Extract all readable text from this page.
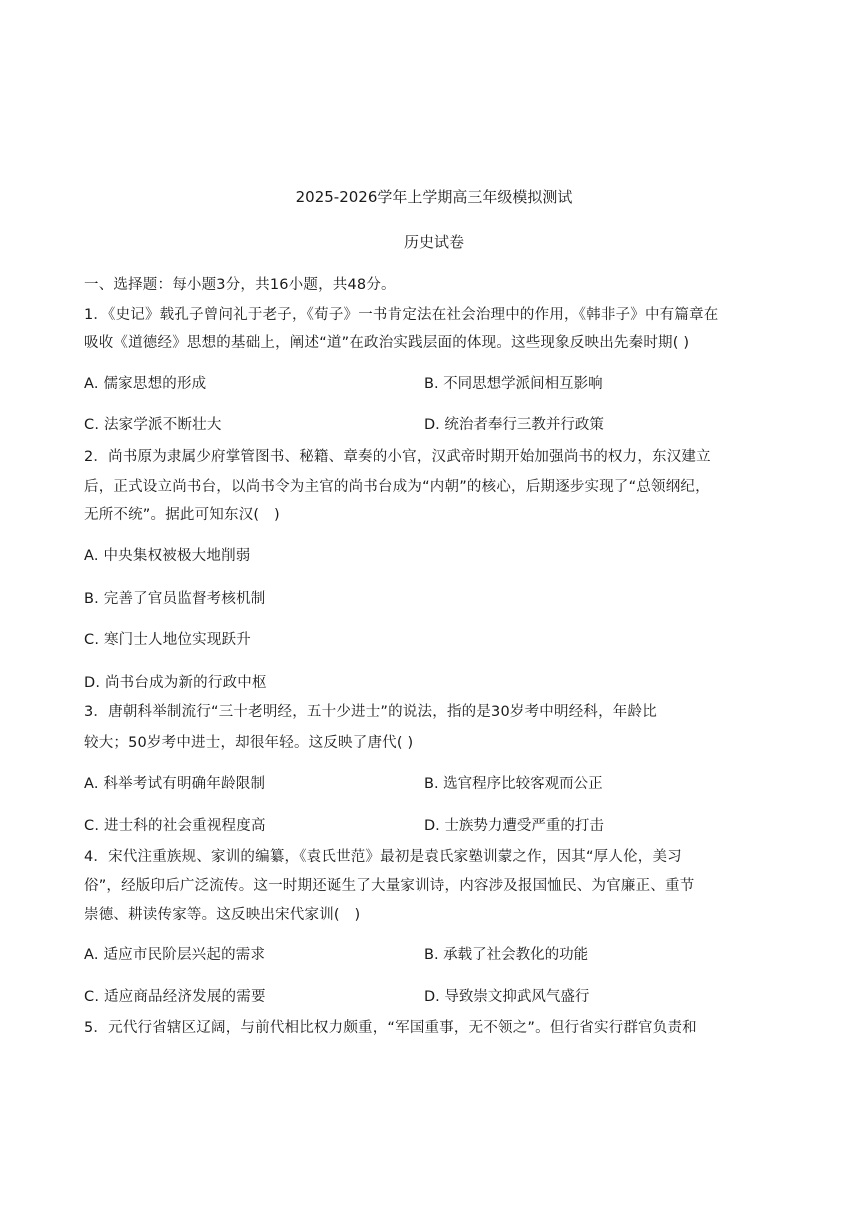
2025-2026学年上学期高三年级模拟测试
历史试卷
一、选择题：每小题3分，共16小题，共48分。
1．《史记》载孔子曾问礼于老子，《荀子》一书肯定法在社会治理中的作用，《韩非子》中有篇章在
吸收《道德经》思想的基础上，阐述“道”在政治实践层面的体现。这些现象反映出先秦时期( )
A. 儒家思想的形成	B. 不同思想学派间相互影响
C. 法家学派不断壮大	D. 统治者奉行三教并行政策
2．尚书原为隶属少府掌管图书、秘籍、章奏的小官，汉武帝时期开始加强尚书的权力，东汉建立
后，正式设立尚书台，以尚书令为主官的尚书台成为“内朝”的核心，后期逐步实现了“总领纲纪，
无所不统”。据此可知东汉(　)
A. 中央集权被极大地削弱
B. 完善了官员监督考核机制
C. 寒门士人地位实现跃升
D. 尚书台成为新的行政中枢
3．唐朝科举制流行“三十老明经，五十少进士”的说法，指的是30岁考中明经科，年龄比
较大；50岁考中进士，却很年轻。这反映了唐代( )
A. 科举考试有明确年龄限制	B. 选官程序比较客观而公正
C. 进士科的社会重视程度高	D. 士族势力遭受严重的打击
4．宋代注重族规、家训的编纂，《袁氏世范》最初是袁氏家塾训蒙之作，因其“厚人伦，美习
俗”，经版印后广泛流传。这一时期还诞生了大量家训诗，内容涉及报国恤民、为官廉正、重节
崇德、耕读传家等。这反映出宋代家训(　)
A. 适应市民阶层兴起的需求	B. 承载了社会教化的功能
C. 适应商品经济发展的需要	D. 导致崇文抑武风气盛行
5．元代行省辖区辽阔，与前代相比权力颇重，“军国重事，无不领之”。但行省实行群官负责和
